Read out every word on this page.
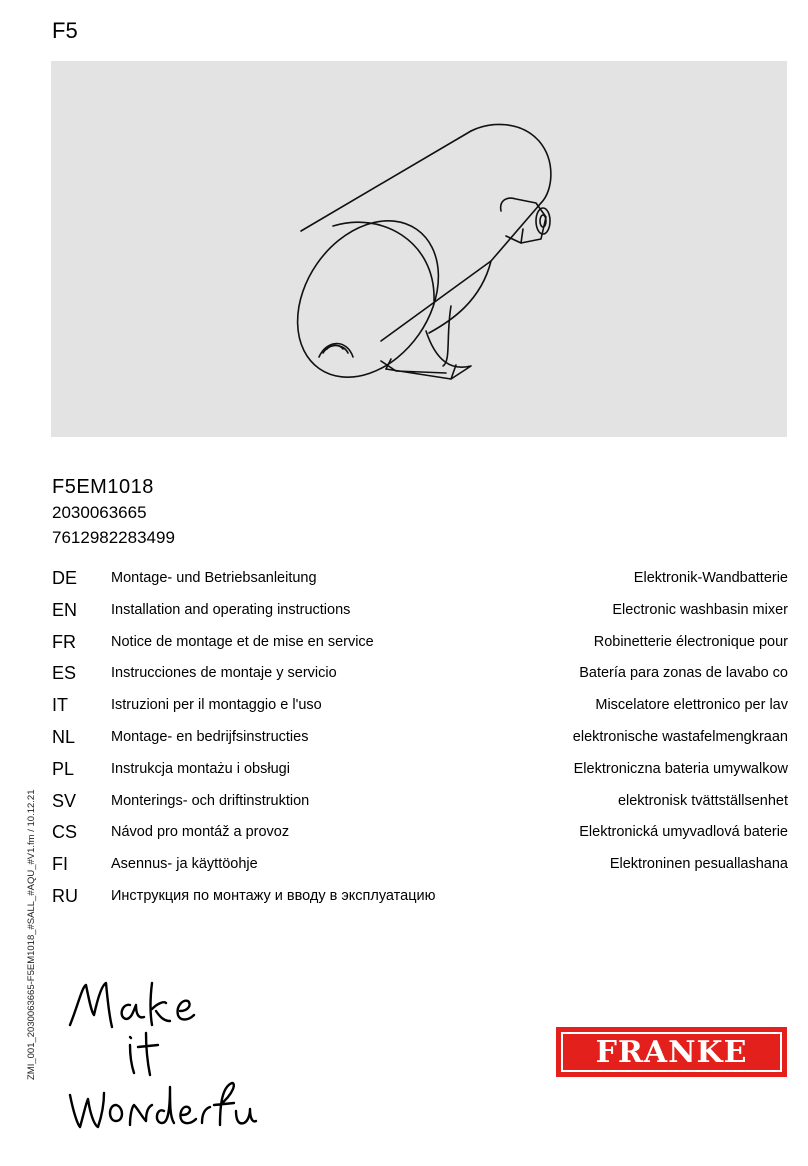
F5
F5EM1018
2030063665
7612982283499
DE Montage- und Betriebsanleitung	Elektronik-Wandbatterie
EN Installation and operating instructions	Electronic washbasin mixer
FR Notice de montage et de mise en service	Robinetterie électronique pour
ES Instrucciones de montaje y servicio	Batería para zonas de lavabo co
IT	Istruzioni per il montaggio e l'uso	Miscelatore elettronico per lav
NL Montage- en bedrijfsinstructies	elektronische wastafelmengkraan
PL	Instrukcja montażu i obsługi	Elektroniczna bateria umywalkow
SV Monterings- och driftinstruktion	elektronisk tvättställsenhet
CS Návod pro montáž a provoz	Elektronická umyvadlová baterie
FI	Asennus- ja käyttöohje	Elektroninen pesuallashana
RU Инструкция по монтажу и вводу в эксплуатацию
ZMI_001_2030063665-F5EM1018_#SALL_#AQU_#V1.fm / 10.12.21	FRANKE
